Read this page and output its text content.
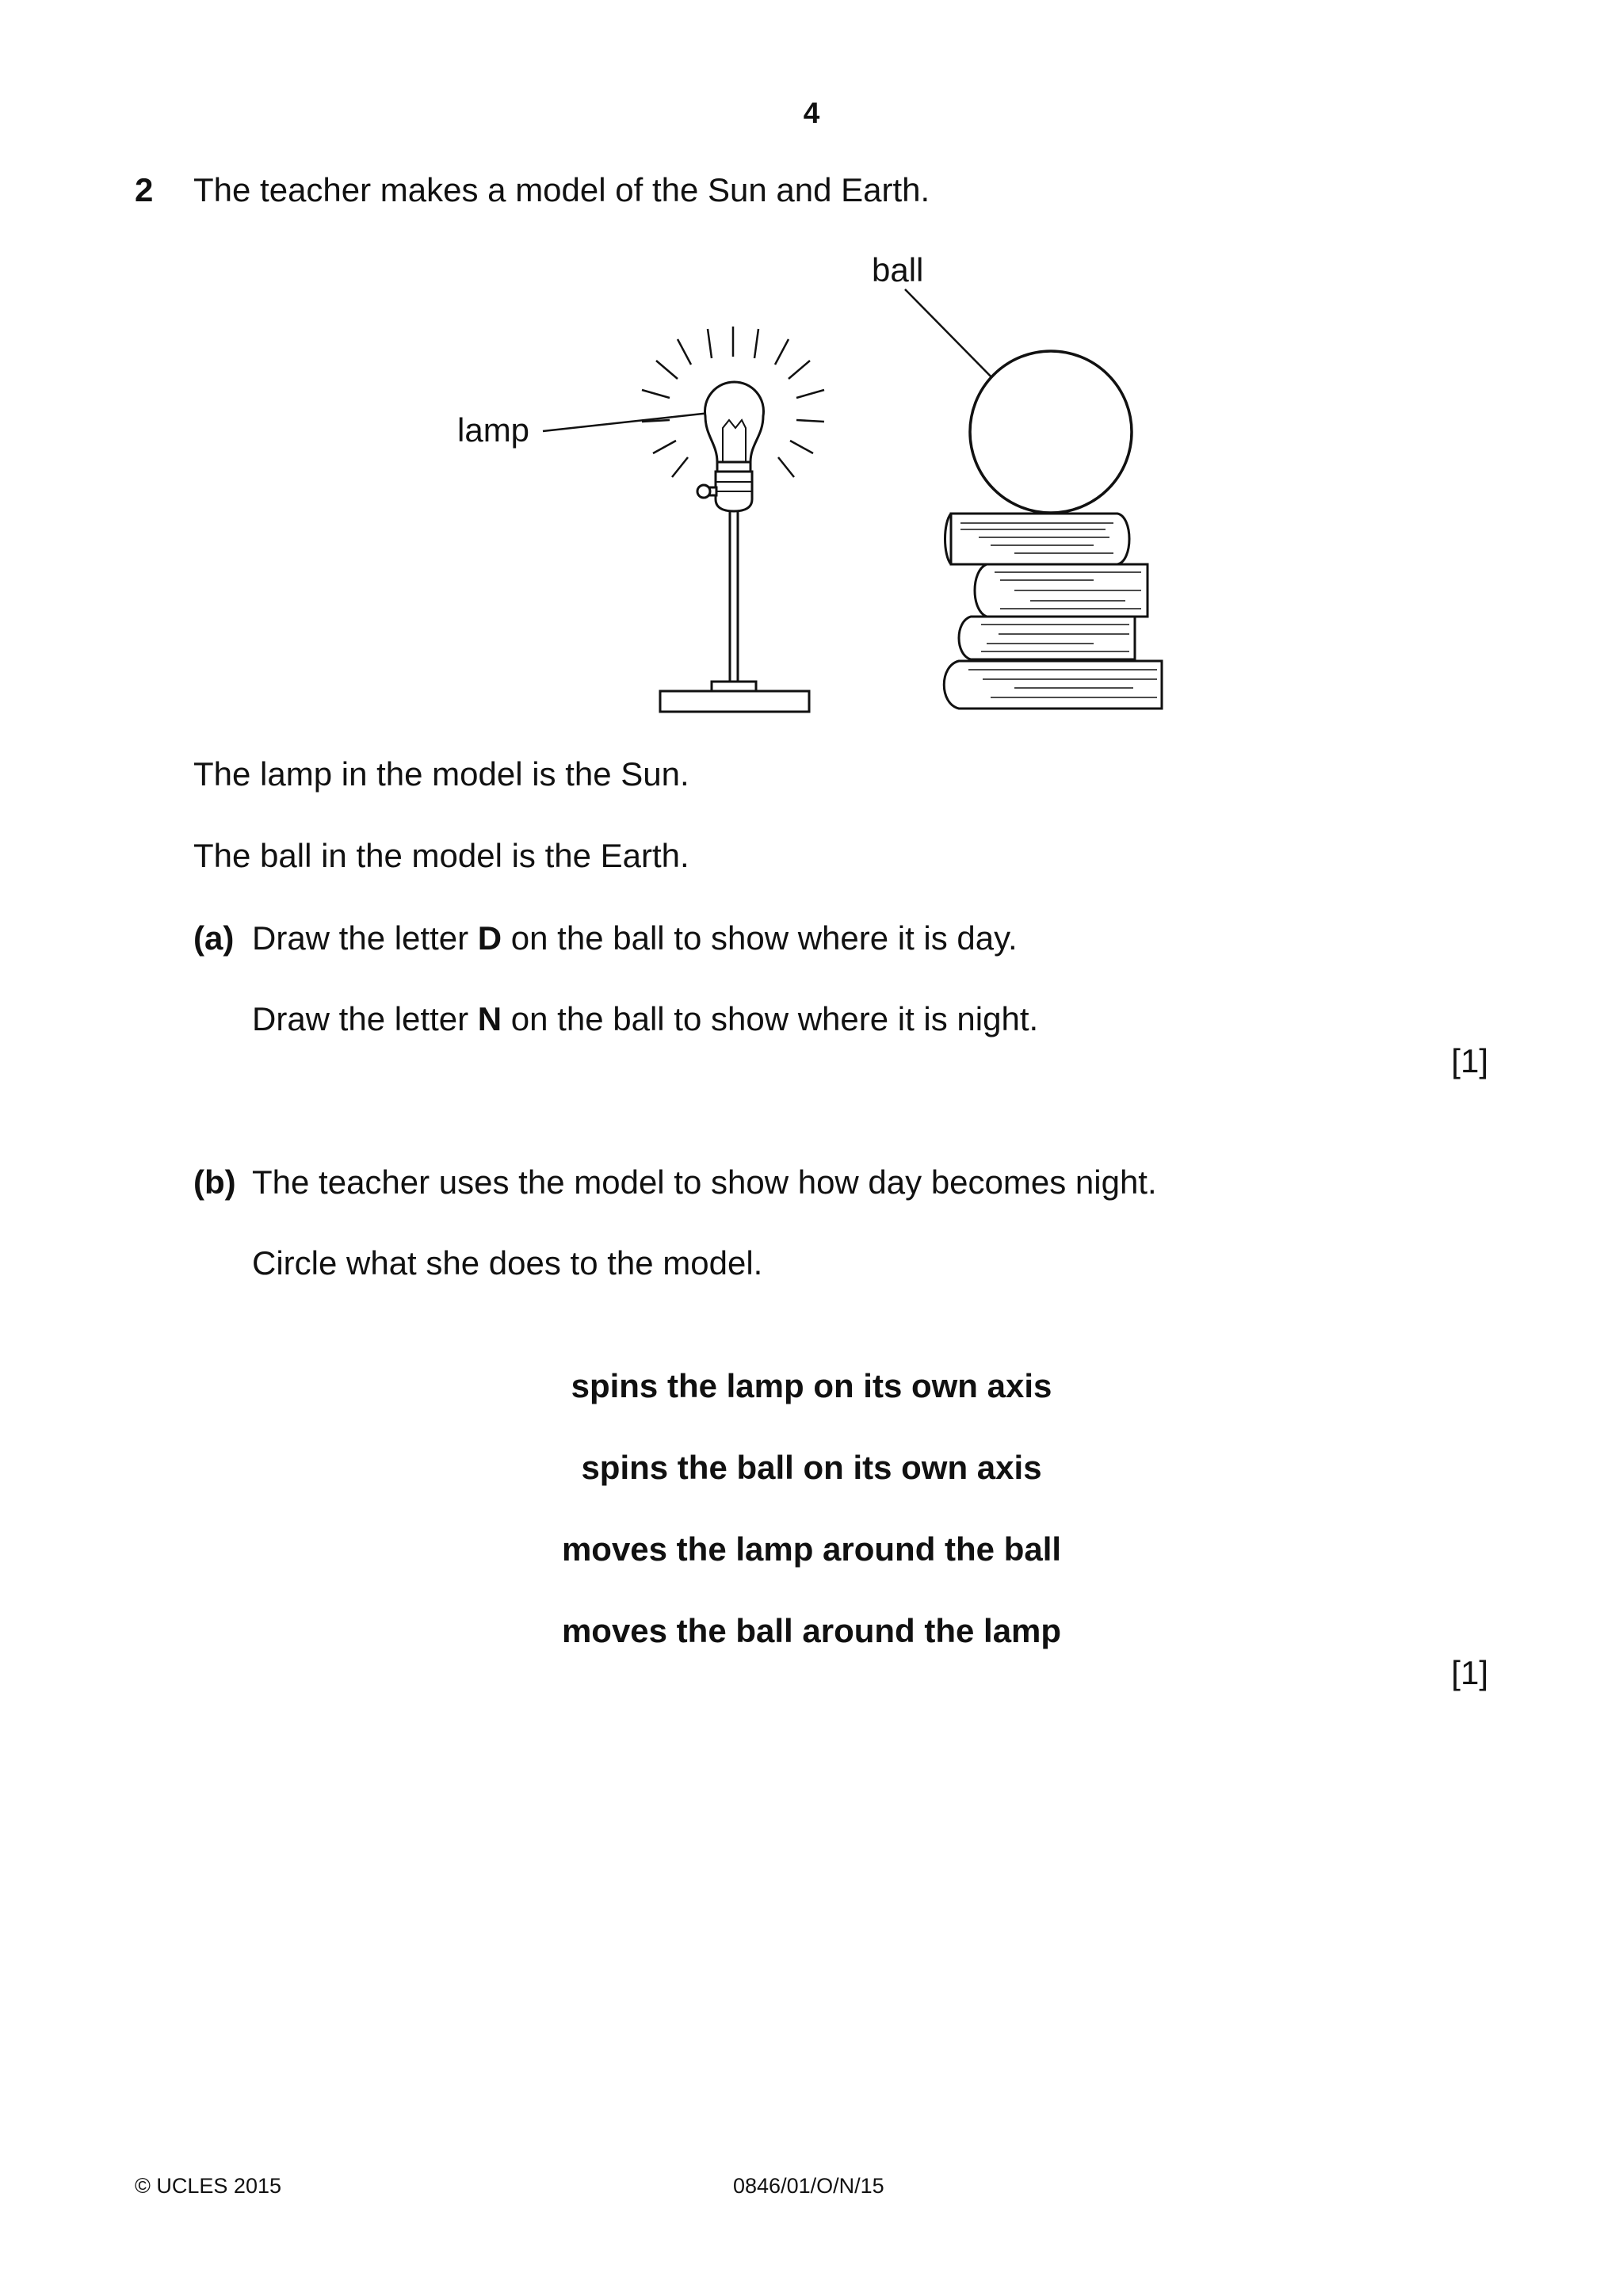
4
2 The teacher makes a model of the Sun and Earth.
ball
lamp
The lamp in the model is the Sun.
The ball in the model is the Earth.
(a) Draw the letter D on the ball to show where it is day.
Draw the letter N on the ball to show where it is night.
[1]
(b) The teacher uses the model to show how day becomes night.
Circle what she does to the model.
spins the lamp on its own axis
spins the ball on its own axis
moves the lamp around the ball
moves the ball around the lamp
[1]
© UCLES 2015	0846/01/O/N/15
